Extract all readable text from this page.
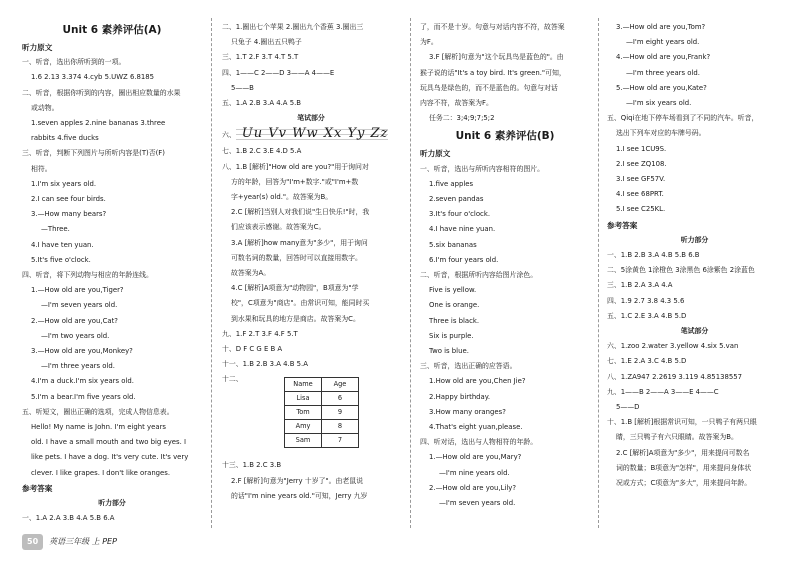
Unit 6 素养评估(A)
听力原文
一、听音，选出你所听到的一项。
1.6 2.13 3.374 4.cyb 5.UWZ 6.8185
二、听音，根据你听到的内容，圈出相应数量的水果
或动物。
1.seven apples 2.nine bananas 3.three
rabbits 4.five ducks
三、听音，判断下列图片与所听内容是(T)否(F)
相符。
1.I'm six years old.
2.I can see four birds.
3.—How many bears?
—Three.
4.I have ten yuan.
5.It's five o'clock.
四、听音，将下列动物与相应的年龄连线。
1.—How old are you,Tiger?
—I'm seven years old.
2.—How old are you,Cat?
—I'm two years old.
3.—How old are you,Monkey?
—I'm three years old.
4.I'm a duck.I'm six years old.
5.I'm a bear.I'm five years old.
五、听短文，圈出正确的选项，完成人物信息表。
Hello! My name is John. I'm eight years
old. I have a small mouth and two big eyes. I
like pets. I have a dog. It's very cute. It's very
clever. I like grapes. I don't like oranges.
参考答案
听力部分
一、1.A 2.A 3.B 4.A 5.B 6.A
二、1.圈出七个苹果 2.圈出九个香蕉 3.圈出三
只兔子 4.圈出五只鸭子
三、1.T 2.F 3.T 4.T 5.T
四、1——C 2——D 3——A 4——E
5——B
五、1.A 2.B 3.A 4.A 5.B
笔试部分
六、 Uu Vv Ww Xx Yy Zz
七、1.B 2.C 3.E 4.D 5.A
八、1.B [解析]"How old are you?"用于询问对
方的年龄，回答为"I'm+数字."或"I'm+数
字+year(s) old."。故答案为B。
2.C [解析]当别人对我们说"生日快乐!"时，我
们应该表示感谢。故答案为C。
3.A [解析]how many意为"多少"，用于询问
可数名词的数量，回答时可以直接用数字。
故答案为A。
4.C [解析]A项意为"动物园"，B项意为"学
校"，C项意为"商店"。由常识可知，能同时买
到水果和玩具的地方是商店。故答案为C。
九、1.F 2.T 3.F 4.F 5.T
十、D F C G E B A
十一、1.B 2.B 3.A 4.B 5.A
十二、
Name	Age
Lisa	6
Tom	9
Amy	8
Sam	7
十三、1.B 2.C 3.B
2.F [解析]句意为"Jerry 十岁了"。由老鼠说
的话"I'm nine years old."可知，Jerry 九岁
了，而不是十岁。句意与对话内容不符，故答案
为F。
3.F [解析]句意为"这个玩具鸟是蓝色的"。由
猴子说的话"It's a toy bird. It's green."可知，
玩具鸟是绿色的，而不是蓝色的。句意与对话
内容不符，故答案为F。
任务二：3;4;9;7;5;2
Unit 6 素养评估(B)
听力原文
一、听音，选出与所听内容相符的图片。
1.five apples
2.seven pandas
3.It's four o'clock.
4.I have nine yuan.
5.six bananas
6.I'm four years old.
二、听音，根据所听内容给图片涂色。
Five is yellow.
One is orange.
Three is black.
Six is purple.
Two is blue.
三、听音，选出正确的应答语。
1.How old are you,Chen Jie?
2.Happy birthday.
3.How many oranges?
4.That's eight yuan,please.
四、听对话，选出与人物相符的年龄。
1.—How old are you,Mary?
—I'm nine years old.
2.—How old are you,Lily?
—I'm seven years old.
3.—How old are you,Tom?
—I'm eight years old.
4.—How old are you,Frank?
—I'm three years old.
5.—How old are you,Kate?
—I'm six years old.
五、Qiqi在地下停车场看到了不同的汽车。听音，
选出下列车对应的车牌号码。
1.I see 1CU9S.
2.I see ZQ108.
3.I see GF57V.
4.I see 68PRT.
5.I see C25KL.
参考答案
听力部分
一、1.B 2.B 3.A 4.B 5.B 6.B
二、5涂黄色 1涂橙色 3涂黑色 6涂紫色 2涂蓝色
三、1.B 2.A 3.A 4.A
四、1.9 2.7 3.8 4.3 5.6
五、1.C 2.E 3.A 4.B 5.D
笔试部分
六、1.zoo 2.water 3.yellow 4.six 5.van
七、1.E 2.A 3.C 4.B 5.D
八、1.ZA947 2.2619 3.119 4.85138557
九、1——B 2——A 3——E 4——C
5——D
十、1.B [解析]根据常识可知，一只鸭子有两只眼
睛，三只鸭子有六只眼睛。故答案为B。
2.C [解析]A项意为"多少"，用来提问可数名
词的数量；B项意为"怎样"，用来提问身体状
况或方式；C项意为"多大"，用来提问年龄。
50 英语三年级 上 PEP
